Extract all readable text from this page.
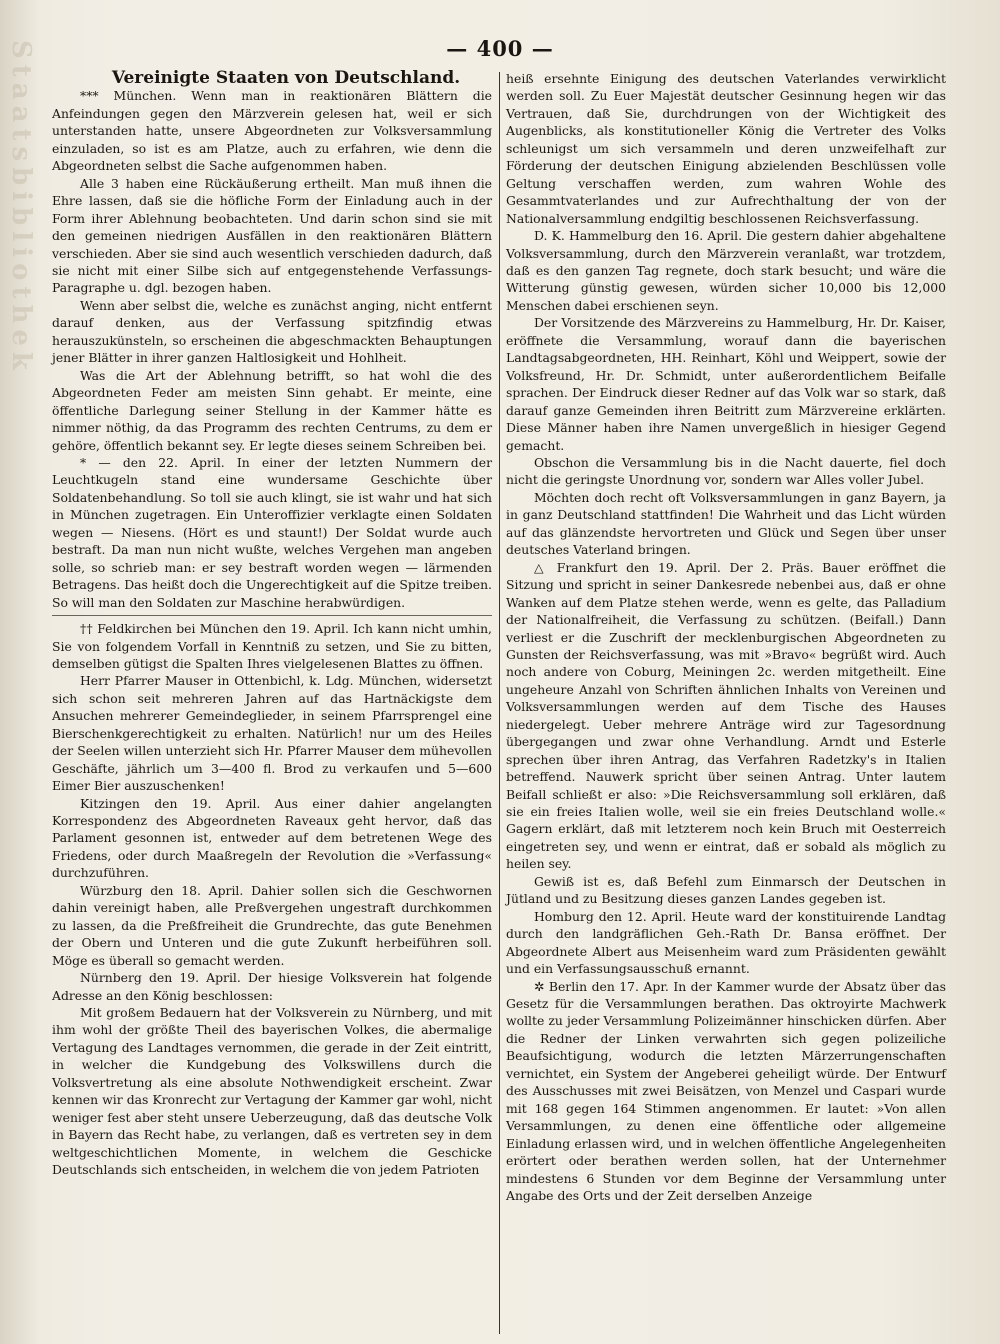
Staatsbibliothek	— 400 —

Vereinigte Staaten von Deutschland.

*** München. Wenn man in reaktionären Blättern die Anfeindungen gegen den Märzverein gelesen hat, weil er sich unterstanden hatte, unsere Abgeordneten zur Volksversammlung einzuladen, so ist es am Platze, auch zu erfahren, wie denn die Abgeordneten selbst die Sache aufgenommen haben.

Alle 3 haben eine Rückäußerung ertheilt. Man muß ihnen die Ehre lassen, daß sie die höfliche Form der Einladung auch in der Form ihrer Ablehnung beobachteten. Und darin schon sind sie mit den gemeinen niedrigen Ausfällen in den reaktionären Blättern verschieden. Aber sie sind auch wesentlich verschieden dadurch, daß sie nicht mit einer Silbe sich auf entgegenstehende Verfassungs-Paragraphe u. dgl. bezogen haben.

Wenn aber selbst die, welche es zunächst anging, nicht entfernt darauf denken, aus der Verfassung spitzfindig etwas herauszukünsteln, so erscheinen die abgeschmackten Behauptungen jener Blätter in ihrer ganzen Haltlosigkeit und Hohlheit.

Was die Art der Ablehnung betrifft, so hat wohl die des Abgeordneten Feder am meisten Sinn gehabt. Er meinte, eine öffentliche Darlegung seiner Stellung in der Kammer hätte es nimmer nöthig, da das Programm des rechten Centrums, zu dem er gehöre, öffentlich bekannt sey. Er legte dieses seinem Schreiben bei.

* — den 22. April. In einer der letzten Nummern der Leuchtkugeln stand eine wundersame Geschichte über Soldatenbehandlung. So toll sie auch klingt, sie ist wahr und hat sich in München zugetragen. Ein Unteroffizier verklagte einen Soldaten wegen — Niesens. (Hört es und staunt!) Der Soldat wurde auch bestraft. Da man nun nicht wußte, welches Vergehen man angeben solle, so schrieb man: er sey bestraft worden wegen — lärmenden Betragens. Das heißt doch die Ungerechtigkeit auf die Spitze treiben. So will man den Soldaten zur Maschine herabwürdigen.

†† Feldkirchen bei München den 19. April. Ich kann nicht umhin, Sie von folgendem Vorfall in Kenntniß zu setzen, und Sie zu bitten, demselben gütigst die Spalten Ihres vielgelesenen Blattes zu öffnen.

Herr Pfarrer Mauser in Ottenbichl, k. Ldg. München, widersetzt sich schon seit mehreren Jahren auf das Hartnäckigste dem Ansuchen mehrerer Gemeindeglieder, in seinem Pfarrsprengel eine Bierschenkgerechtigkeit zu erhalten. Natürlich! nur um des Heiles der Seelen willen unterzieht sich Hr. Pfarrer Mauser dem mühevollen Geschäfte, jährlich um 3—400 fl. Brod zu verkaufen und 5—600 Eimer Bier auszuschenken!

Kitzingen den 19. April. Aus einer dahier angelangten Korrespondenz des Abgeordneten Raveaux geht hervor, daß das Parlament gesonnen ist, entweder auf dem betretenen Wege des Friedens, oder durch Maaßregeln der Revolution die »Verfassung« durchzuführen.

Würzburg den 18. April. Dahier sollen sich die Geschwornen dahin vereinigt haben, alle Preßvergehen ungestraft durchkommen zu lassen, da die Preßfreiheit die Grundrechte, das gute Benehmen der Obern und Unteren und die gute Zukunft herbeiführen soll. Möge es überall so gemacht werden.

Nürnberg den 19. April. Der hiesige Volksverein hat folgende Adresse an den König beschlossen:

Mit großem Bedauern hat der Volksverein zu Nürnberg, und mit ihm wohl der größte Theil des bayerischen Volkes, die abermalige Vertagung des Landtages vernommen, die gerade in der Zeit eintritt, in welcher die Kundgebung des Volkswillens durch die Volksvertretung als eine absolute Nothwendigkeit erscheint. Zwar kennen wir das Kronrecht zur Vertagung der Kammer gar wohl, nicht weniger fest aber steht unsere Ueberzeugung, daß das deutsche Volk in Bayern das Recht habe, zu verlangen, daß es vertreten sey in dem weltgeschichtlichen Momente, in welchem die Geschicke Deutschlands sich entscheiden, in welchem die von jedem Patrioten

heiß ersehnte Einigung des deutschen Vaterlandes verwirklicht werden soll. Zu Euer Majestät deutscher Gesinnung hegen wir das Vertrauen, daß Sie, durchdrungen von der Wichtigkeit des Augenblicks, als konstitutioneller König die Vertreter des Volks schleunigst um sich versammeln und deren unzweifelhaft zur Förderung der deutschen Einigung abzielenden Beschlüssen volle Geltung verschaffen werden, zum wahren Wohle des Gesammtvaterlandes und zur Aufrechthaltung der von der Nationalversammlung endgiltig beschlossenen Reichsverfassung.

D. K. Hammelburg den 16. April. Die gestern dahier abgehaltene Volksversammlung, durch den Märzverein veranlaßt, war trotzdem, daß es den ganzen Tag regnete, doch stark besucht; und wäre die Witterung günstig gewesen, würden sicher 10,000 bis 12,000 Menschen dabei erschienen seyn.

Der Vorsitzende des Märzvereins zu Hammelburg, Hr. Dr. Kaiser, eröffnete die Versammlung, worauf dann die bayerischen Landtagsabgeordneten, HH. Reinhart, Köhl und Weippert, sowie der Volksfreund, Hr. Dr. Schmidt, unter außerordentlichem Beifalle sprachen. Der Eindruck dieser Redner auf das Volk war so stark, daß darauf ganze Gemeinden ihren Beitritt zum Märzvereine erklärten. Diese Männer haben ihre Namen unvergeßlich in hiesiger Gegend gemacht.

Obschon die Versammlung bis in die Nacht dauerte, fiel doch nicht die geringste Unordnung vor, sondern war Alles voller Jubel.

Möchten doch recht oft Volksversammlungen in ganz Bayern, ja in ganz Deutschland stattfinden! Die Wahrheit und das Licht würden auf das glänzendste hervortreten und Glück und Segen über unser deutsches Vaterland bringen.

△ Frankfurt den 19. April. Der 2. Präs. Bauer eröffnet die Sitzung und spricht in seiner Dankesrede nebenbei aus, daß er ohne Wanken auf dem Platze stehen werde, wenn es gelte, das Palladium der Nationalfreiheit, die Verfassung zu schützen. (Beifall.) Dann verliest er die Zuschrift der mecklenburgischen Abgeordneten zu Gunsten der Reichsverfassung, was mit »Bravo« begrüßt wird. Auch noch andere von Coburg, Meiningen 2c. werden mitgetheilt. Eine ungeheure Anzahl von Schriften ähnlichen Inhalts von Vereinen und Volksversammlungen werden auf dem Tische des Hauses niedergelegt. Ueber mehrere Anträge wird zur Tagesordnung übergegangen und zwar ohne Verhandlung. Arndt und Esterle sprechen über ihren Antrag, das Verfahren Radetzky's in Italien betreffend. Nauwerk spricht über seinen Antrag. Unter lautem Beifall schließt er also: »Die Reichsversammlung soll erklären, daß sie ein freies Italien wolle, weil sie ein freies Deutschland wolle.« Gagern erklärt, daß mit letzterem noch kein Bruch mit Oesterreich eingetreten sey, und wenn er eintrat, daß er sobald als möglich zu heilen sey.

Gewiß ist es, daß Befehl zum Einmarsch der Deutschen in Jütland und zu Besitzung dieses ganzen Landes gegeben ist.

Homburg den 12. April. Heute ward der konstituirende Landtag durch den landgräflichen Geh.-Rath Dr. Bansa eröffnet. Der Abgeordnete Albert aus Meisenheim ward zum Präsidenten gewählt und ein Verfassungsausschuß ernannt.

✲ Berlin den 17. Apr. In der Kammer wurde der Absatz über das Gesetz für die Versammlungen berathen. Das oktroyirte Machwerk wollte zu jeder Versammlung Polizeimänner hinschicken dürfen. Aber die Redner der Linken verwahrten sich gegen polizeiliche Beaufsichtigung, wodurch die letzten Märzerrungenschaften vernichtet, ein System der Angeberei geheiligt würde. Der Entwurf des Ausschusses mit zwei Beisätzen, von Menzel und Caspari wurde mit 168 gegen 164 Stimmen angenommen. Er lautet: »Von allen Versammlungen, zu denen eine öffentliche oder allgemeine Einladung erlassen wird, und in welchen öffentliche Angelegenheiten erörtert oder berathen werden sollen, hat der Unternehmer mindestens 6 Stunden vor dem Beginne der Versammlung unter Angabe des Orts und der Zeit derselben Anzeige
